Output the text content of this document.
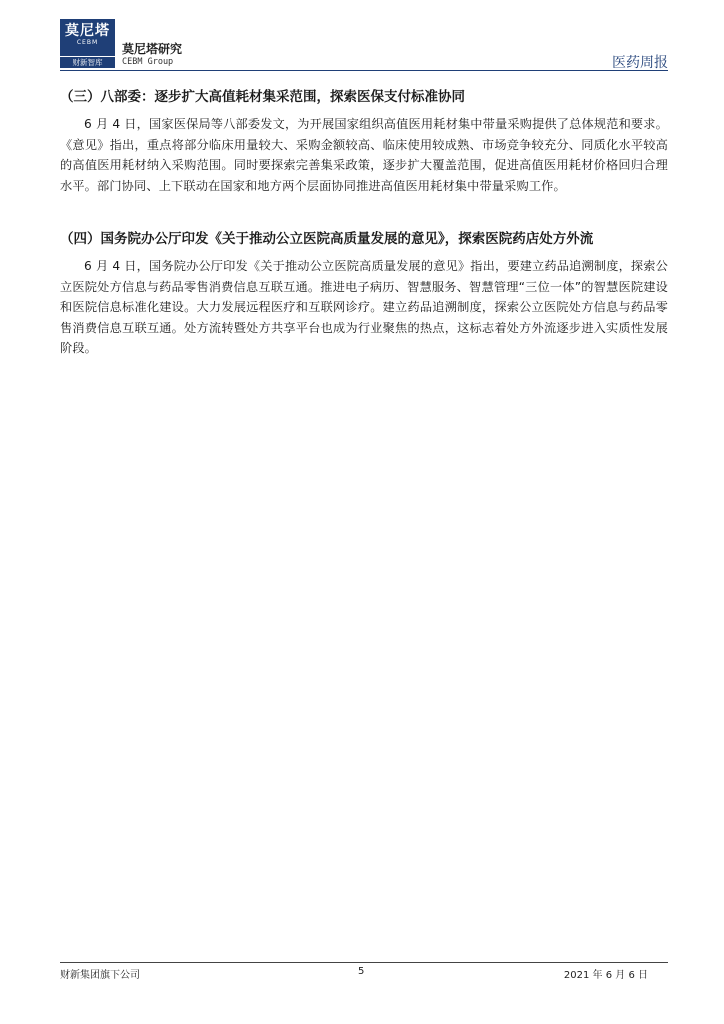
莫尼塔
CEBM
财新智库
莫尼塔研究
CEBM Group	医药周报
（三）八部委：逐步扩大高值耗材集采范围，探索医保支付标准协同

6 月 4 日，国家医保局等八部委发文，为开展国家组织高值医用耗材集中带量采购提供了总体规范和要求。《意见》指出，重点将部分临床用量较大、采购金额较高、临床使用较成熟、市场竞争较充分、同质化水平较高的高值医用耗材纳入采购范围。同时要探索完善集采政策，逐步扩大覆盖范围，促进高值医用耗材价格回归合理水平。部门协同、上下联动在国家和地方两个层面协同推进高值医用耗材集中带量采购工作。

（四）国务院办公厅印发《关于推动公立医院高质量发展的意见》，探索医院药店处方外流

6 月 4 日，国务院办公厅印发《关于推动公立医院高质量发展的意见》指出，要建立药品追溯制度，探索公立医院处方信息与药品零售消费信息互联互通。推进电子病历、智慧服务、智慧管理“三位一体”的智慧医院建设和医院信息标准化建设。大力发展远程医疗和互联网诊疗。建立药品追溯制度，探索公立医院处方信息与药品零售消费信息互联互通。处方流转暨处方共享平台也成为行业聚焦的热点，这标志着处方外流逐步进入实质性发展阶段。

财新集团旗下公司	5	2021 年 6 月 6 日
